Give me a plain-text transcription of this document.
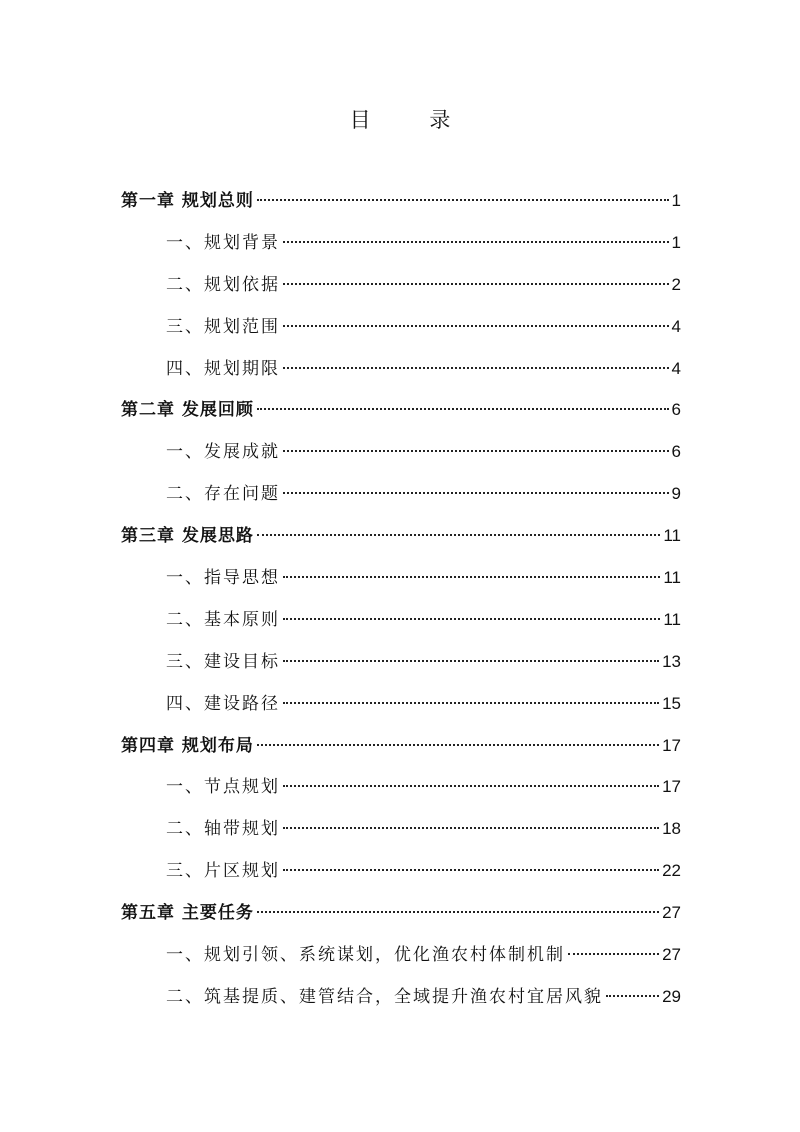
目 录
第一章 规划总则	1
一、规划背景	1
二、规划依据	2
三、规划范围	4
四、规划期限	4
第二章 发展回顾	6
一、发展成就	6
二、存在问题	9
第三章 发展思路	11
一、指导思想	11
二、基本原则	11
三、建设目标	13
四、建设路径	15
第四章 规划布局	17
一、节点规划	17
二、轴带规划	18
三、片区规划	22
第五章 主要任务	27
一、规划引领、系统谋划，优化渔农村体制机制	27
二、筑基提质、建管结合，全域提升渔农村宜居风貌	29
